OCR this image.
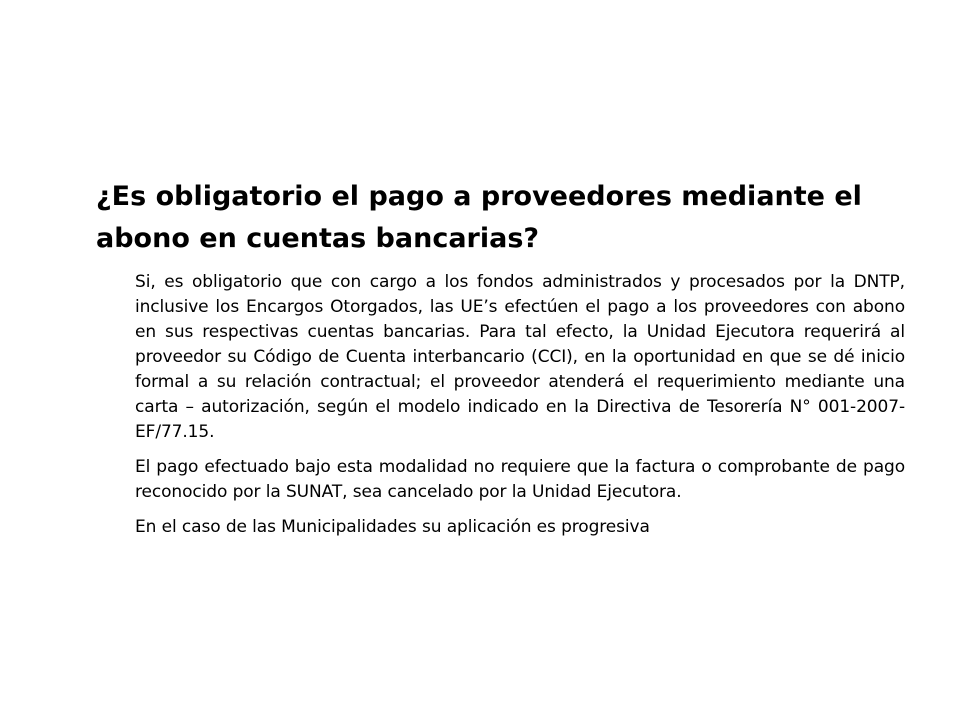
¿Es obligatorio el pago a proveedores mediante el abono en cuentas bancarias?

Si, es obligatorio que con cargo a los fondos administrados y procesados por la DNTP, inclusive los Encargos Otorgados, las UE’s efectúen el pago a los proveedores con abono en sus respectivas cuentas bancarias. Para tal efecto, la Unidad Ejecutora requerirá al proveedor su Código de Cuenta interbancario (CCI), en la oportunidad en que se dé inicio formal a su relación contractual; el proveedor atenderá el requerimiento mediante una carta – autorización, según el modelo indicado en la Directiva de Tesorería N° 001-2007-EF/77.15.

El pago efectuado bajo esta modalidad no requiere que la factura o comprobante de pago reconocido por la SUNAT, sea cancelado por la Unidad Ejecutora.

En el caso de las Municipalidades su aplicación es progresiva
